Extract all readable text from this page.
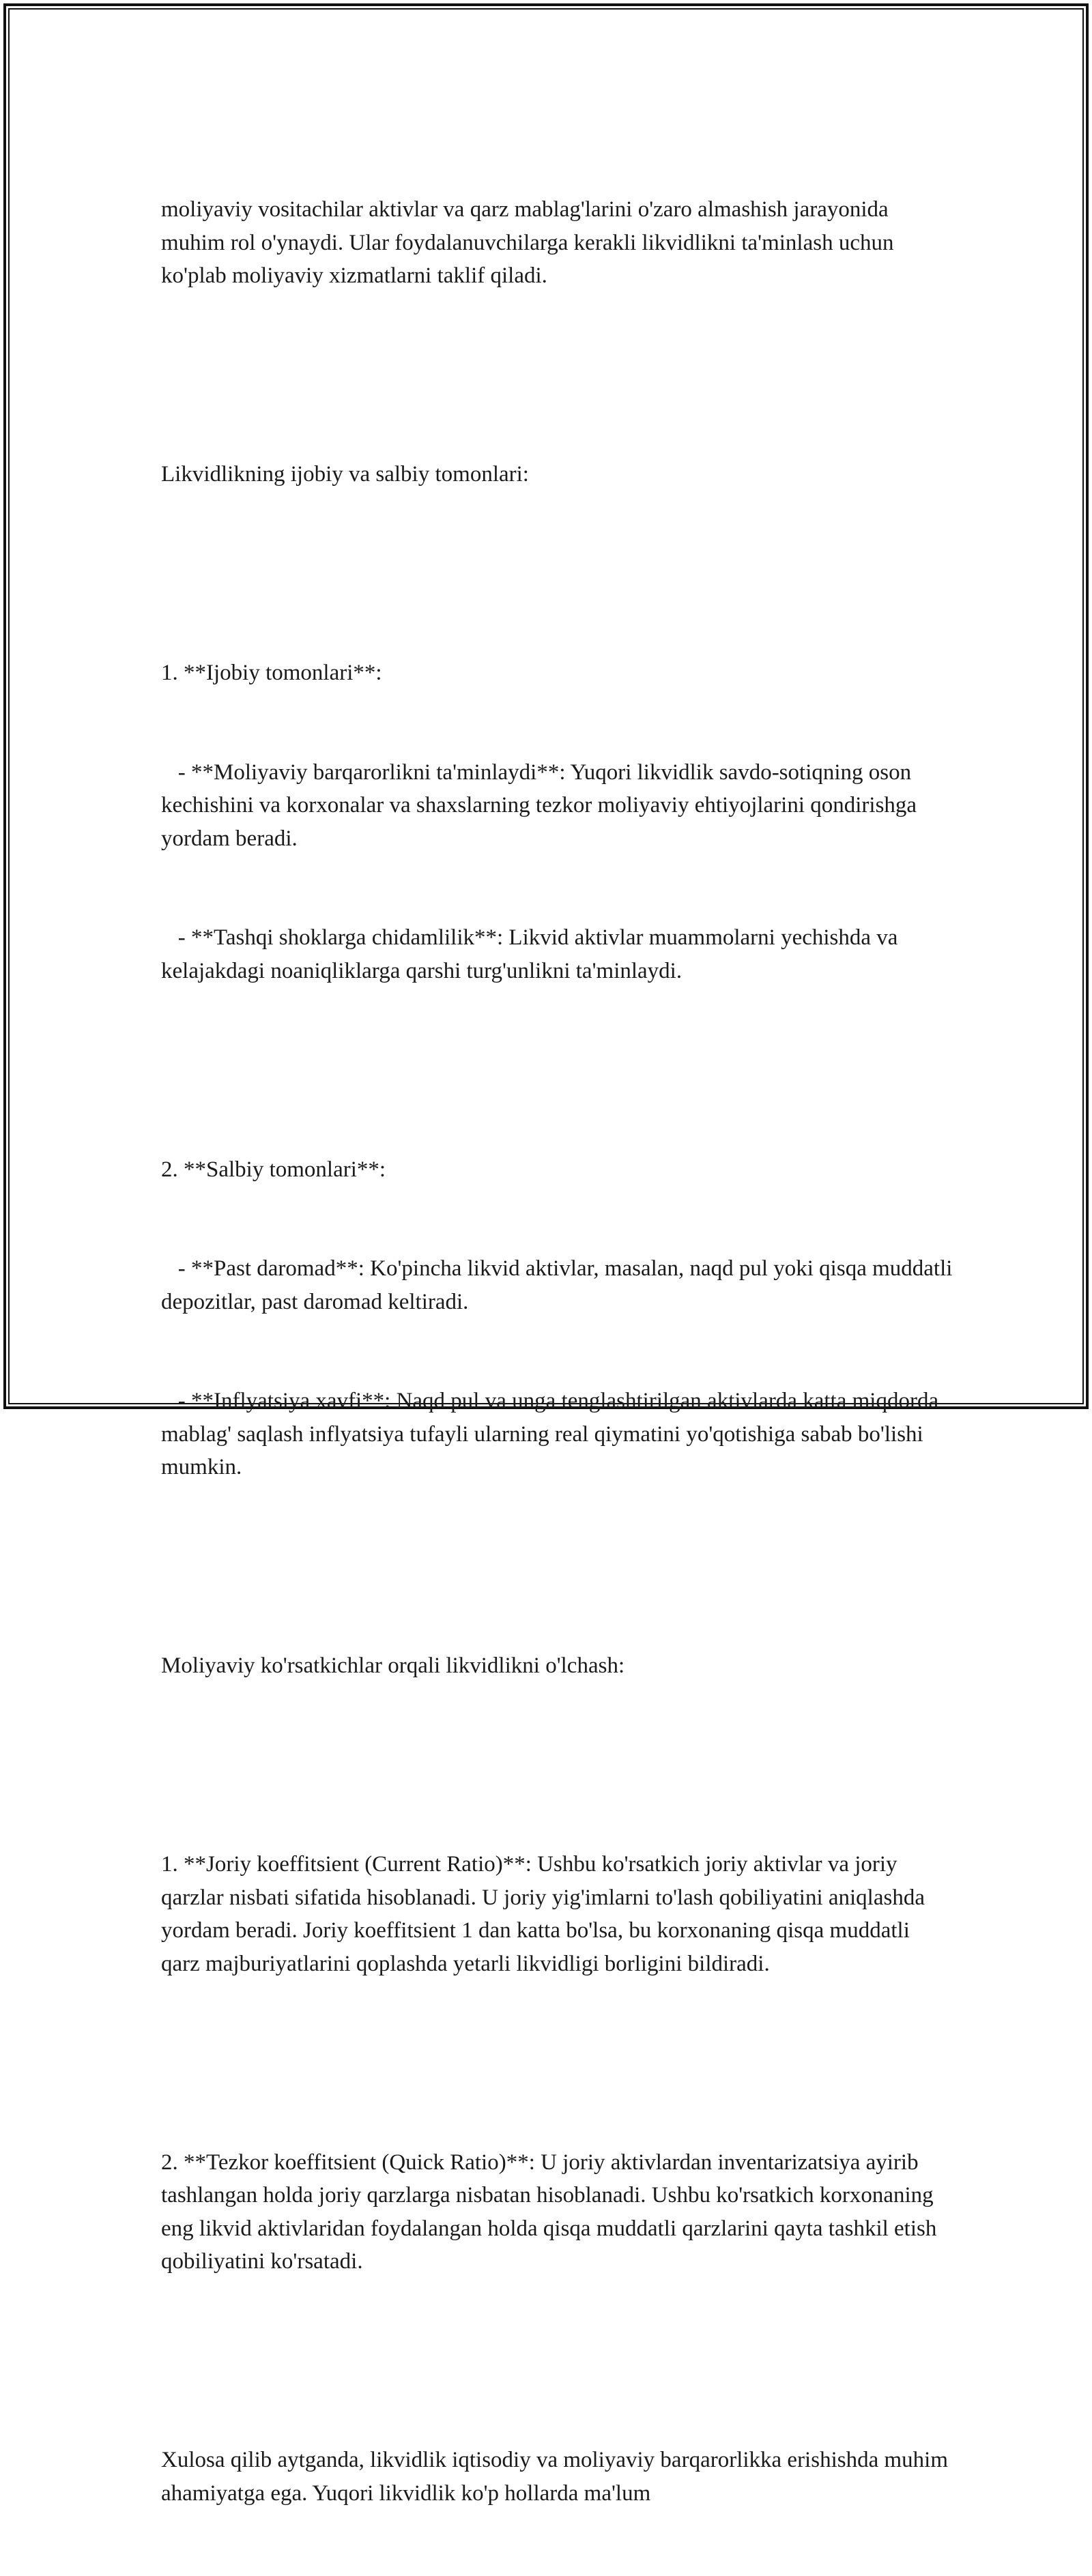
moliyaviy vositachilar aktivlar va qarz mablag'larini o'zaro almashish jarayonida muhim rol o'ynaydi. Ular foydalanuvchilarga kerakli likvidlikni ta'minlash uchun ko'plab moliyaviy xizmatlarni taklif qiladi.

Likvidlikning ijobiy va salbiy tomonlari:

1. **Ijobiy tomonlari**:

- **Moliyaviy barqarorlikni ta'minlaydi**: Yuqori likvidlik savdo-sotiqning oson kechishini va korxonalar va shaxslarning tezkor moliyaviy ehtiyojlarini qondirishga yordam beradi.

- **Tashqi shoklarga chidamlilik**: Likvid aktivlar muammolarni yechishda va kelajakdagi noaniqliklarga qarshi turg'unlikni ta'minlaydi.

2. **Salbiy tomonlari**:

- **Past daromad**: Ko'pincha likvid aktivlar, masalan, naqd pul yoki qisqa muddatli depozitlar, past daromad keltiradi.

- **Inflyatsiya xavfi**: Naqd pul va unga tenglashtirilgan aktivlarda katta miqdorda mablag' saqlash inflyatsiya tufayli ularning real qiymatini yo'qotishiga sabab bo'lishi mumkin.

Moliyaviy ko'rsatkichlar orqali likvidlikni o'lchash:

1. **Joriy koeffitsient (Current Ratio)**: Ushbu ko'rsatkich joriy aktivlar va joriy qarzlar nisbati sifatida hisoblanadi. U joriy yig'imlarni to'lash qobiliyatini aniqlashda yordam beradi. Joriy koeffitsient 1 dan katta bo'lsa, bu korxonaning qisqa muddatli qarz majburiyatlarini qoplashda yetarli likvidligi borligini bildiradi.

2. **Tezkor koeffitsient (Quick Ratio)**: U joriy aktivlardan inventarizatsiya ayirib tashlangan holda joriy qarzlarga nisbatan hisoblanadi. Ushbu ko'rsatkich korxonaning eng likvid aktivlaridan foydalangan holda qisqa muddatli qarzlarini qayta tashkil etish qobiliyatini ko'rsatadi.

Xulosa qilib aytganda, likvidlik iqtisodiy va moliyaviy barqarorlikka erishishda muhim ahamiyatga ega. Yuqori likvidlik ko'p hollarda ma'lum
